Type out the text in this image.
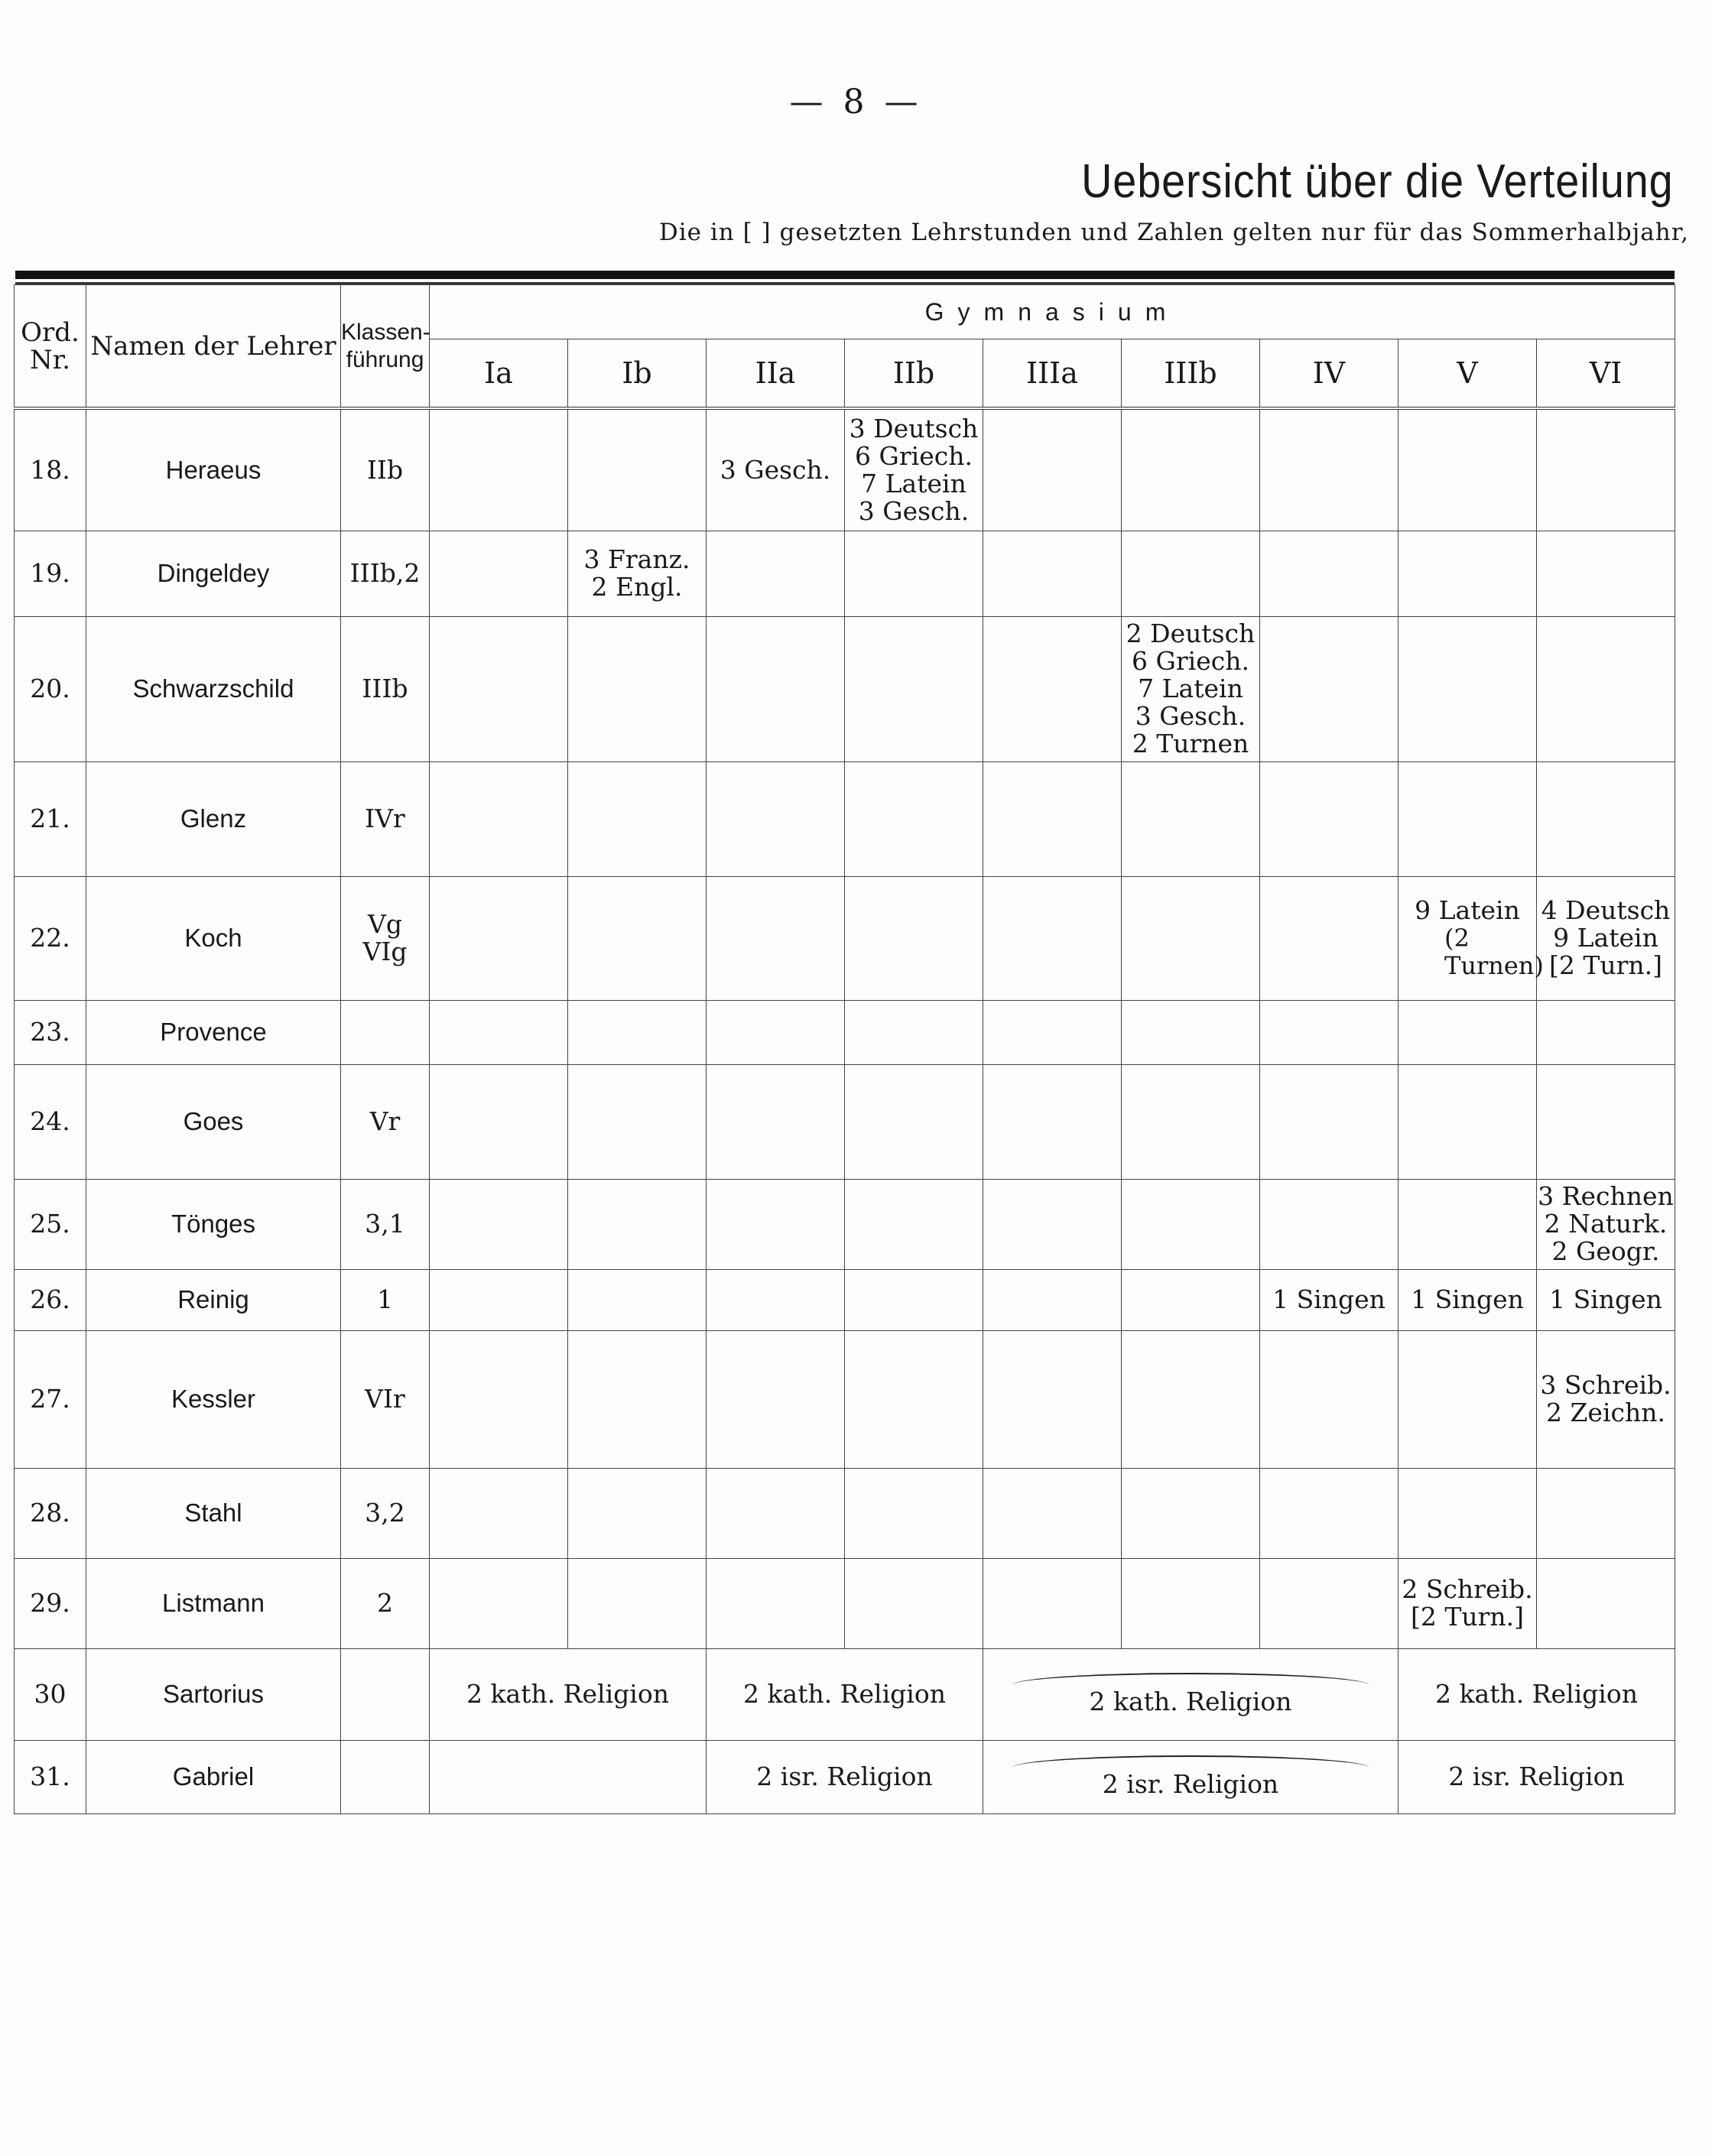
— 8 —
Uebersicht über die Verteilung
Die in [ ] gesetzten Lehrstunden und Zahlen gelten nur für das Sommerhalbjahr,
Ord.
Nr.	Namen der Lehrer	Klassen-
führung	Gymnasium								
			Ia	Ib	IIa	IIb	IIIa	IIIb	IV	V	VI
18.	Heraeus	IIb			3 Gesch.	3 Deutsch
6 Griech.
7 Latein
3 Gesch.					

19.	Dingeldey	IIIb,2		3 Franz.
2 Engl.							

20.	Schwarzschild	IIIb						2 Deutsch
6 Griech.
7 Latein
3 Gesch.
2 Turnen			

21.	Glenz	IVr									
22.	Koch	Vg
VIg								9 Latein
(2 Turnen)	4 Deutsch
9 Latein
[2 Turn.]

23.	Provence										
24.	Goes	Vr									
25.	Tönges	3,1									3 Rechnen
2 Naturk.
2 Geogr.

26.	Reinig	1							1 Singen	1 Singen	1 Singen
27.	Kessler	VIr									3 Schreib.
2 Zeichn.

28.	Stahl	3,2									
29.	Listmann	2								2 Schreib.
[2 Turn.]	

30	Sartorius		2 kath. Religion		2 kath. Religion		2 kath. Religion			2 kath. Religion	

31.	Gabriel				2 isr. Religion		2 isr. Religion			2 isr. Religion	
